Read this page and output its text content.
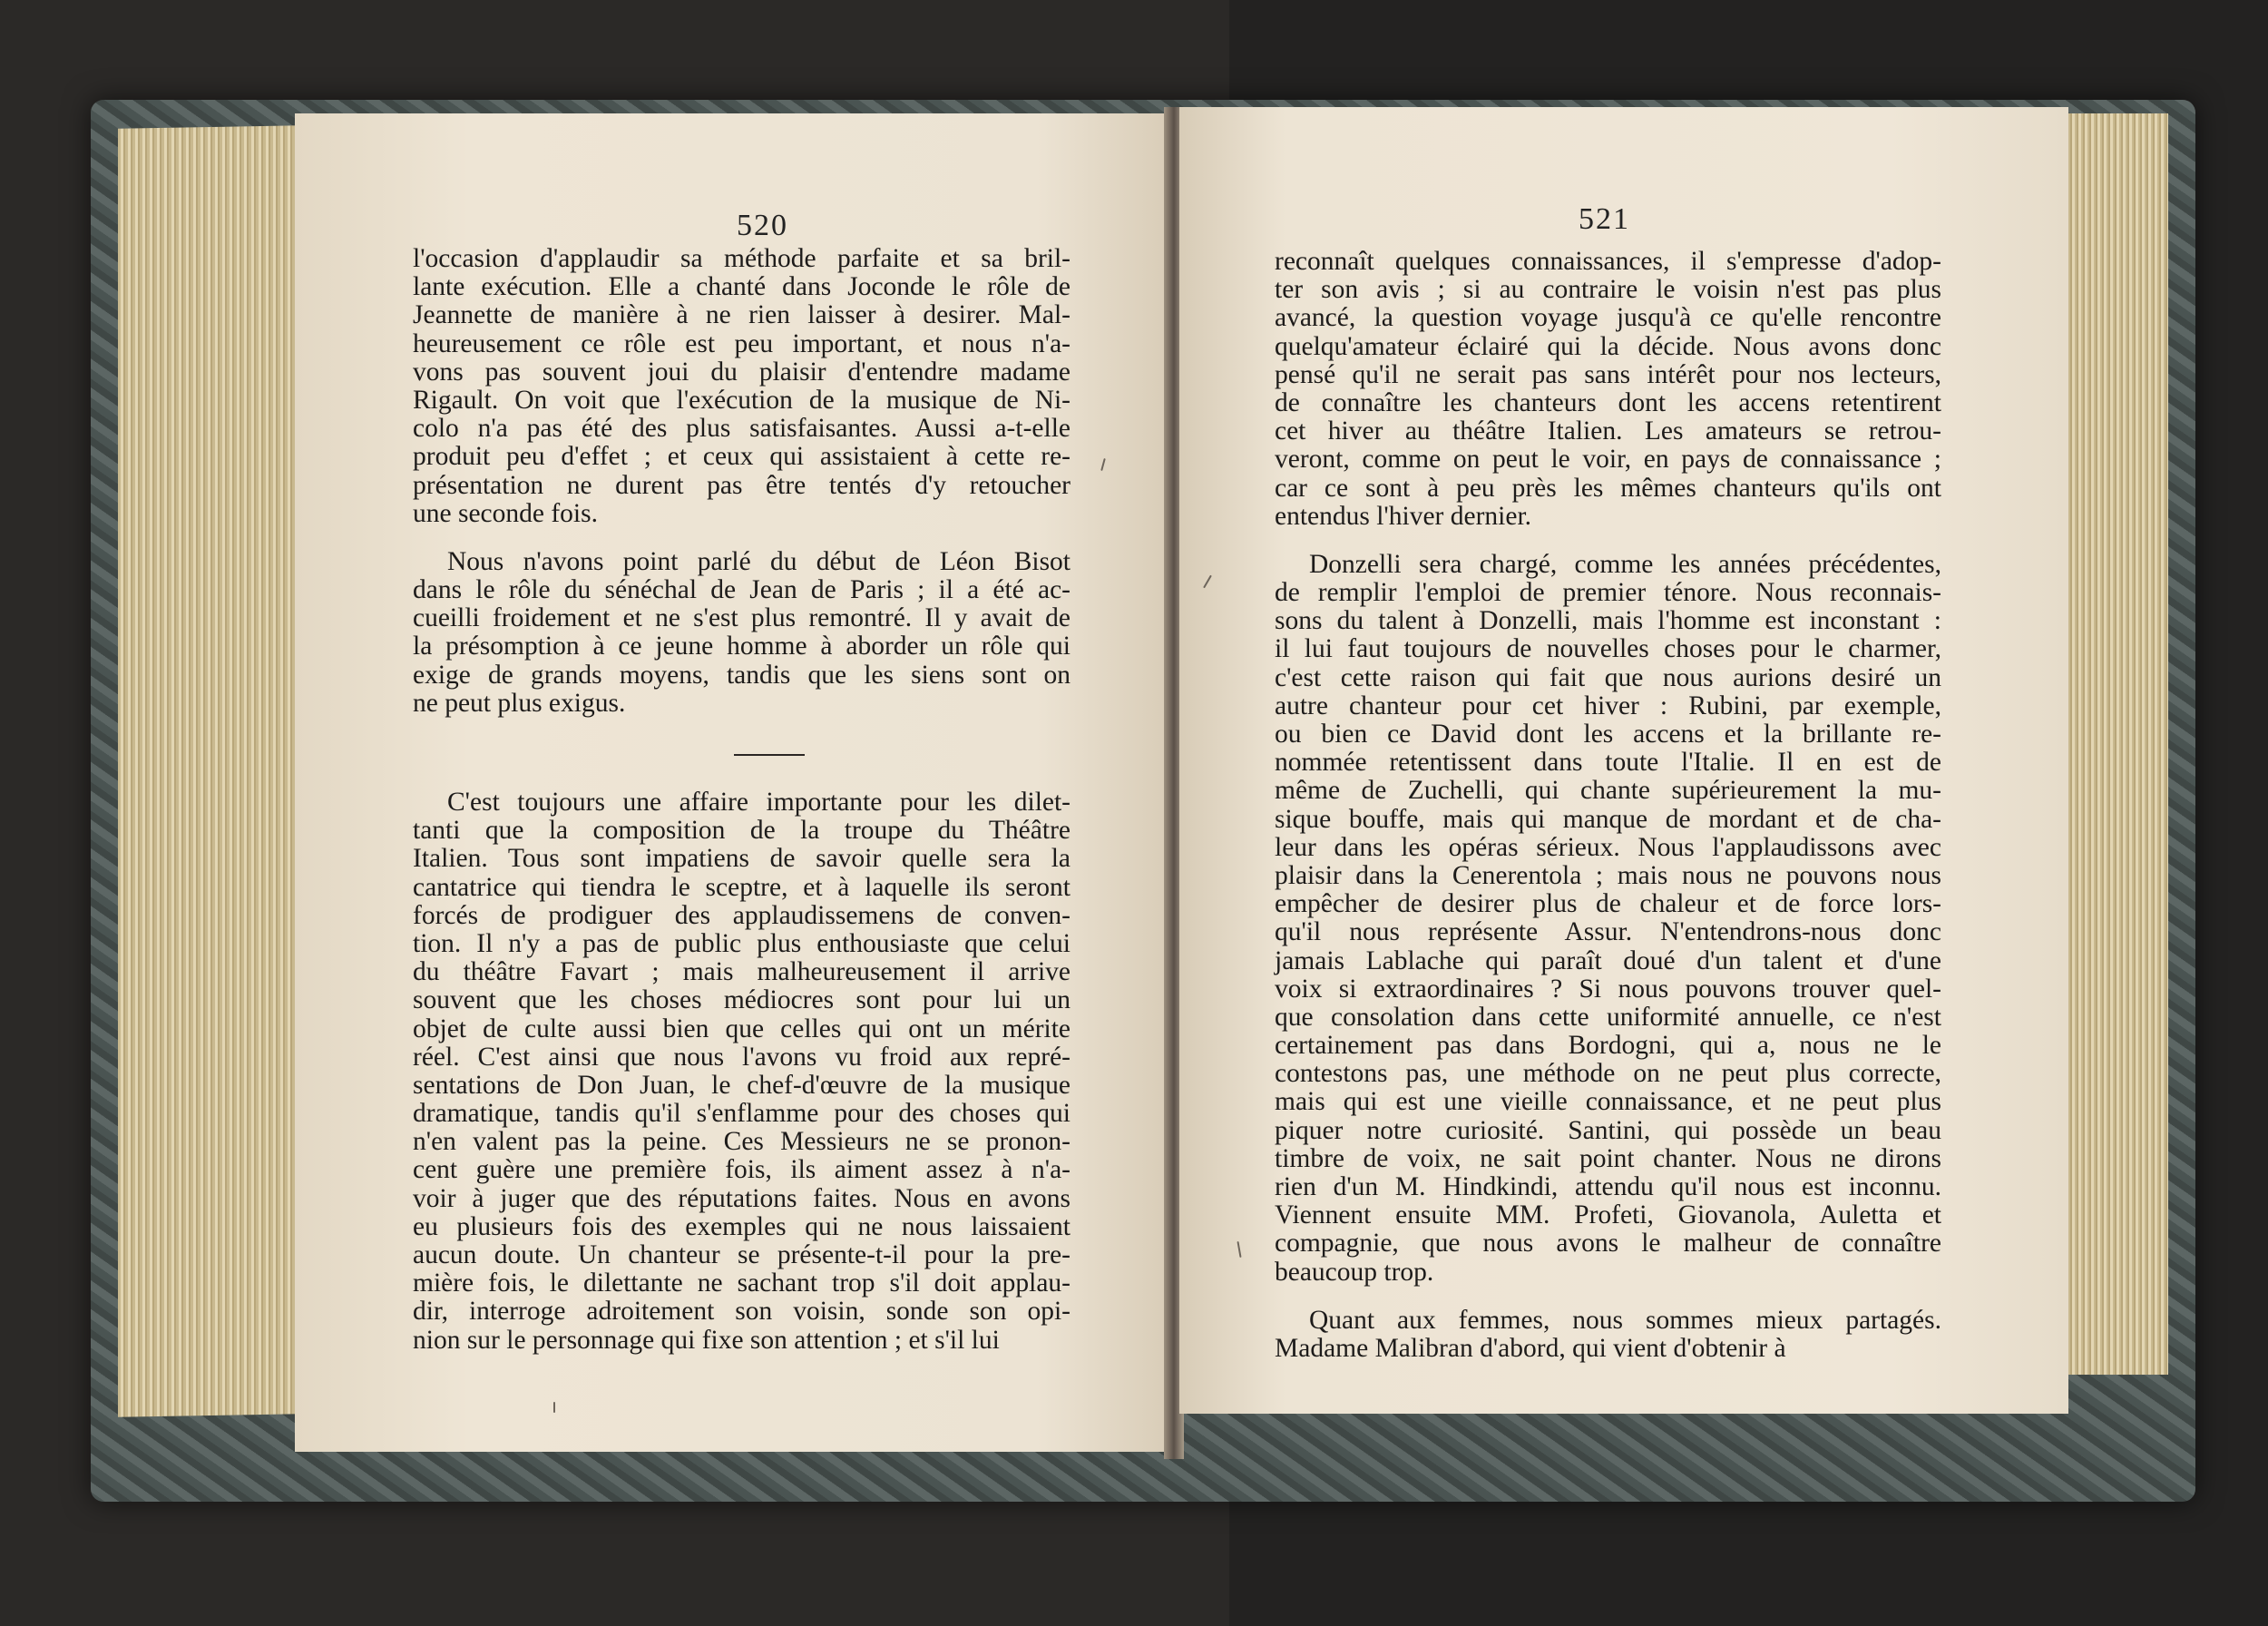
520
l'occasion d'applaudir sa méthode parfaite et sa bril-
lante exécution. Elle a chanté dans Joconde le rôle de
Jeannette de manière à ne rien laisser à desirer. Mal-
heureusement ce rôle est peu important, et nous n'a-
vons pas souvent joui du plaisir d'entendre madame
Rigault. On voit que l'exécution de la musique de Ni-
colo n'a pas été des plus satisfaisantes. Aussi a-t-elle
produit peu d'effet ; et ceux qui assistaient à cette re-
présentation ne durent pas être tentés d'y retoucher
une seconde fois.
Nous n'avons point parlé du début de Léon Bisot
dans le rôle du sénéchal de Jean de Paris ; il a été ac-
cueilli froidement et ne s'est plus remontré. Il y avait de
la présomption à ce jeune homme à aborder un rôle qui
exige de grands moyens, tandis que les siens sont on
ne peut plus exigus.
C'est toujours une affaire importante pour les dilet-
tanti que la composition de la troupe du Théâtre
Italien. Tous sont impatiens de savoir quelle sera la
cantatrice qui tiendra le sceptre, et à laquelle ils seront
forcés de prodiguer des applaudissemens de conven-
tion. Il n'y a pas de public plus enthousiaste que celui
du théâtre Favart ; mais malheureusement il arrive
souvent que les choses médiocres sont pour lui un
objet de culte aussi bien que celles qui ont un mérite
réel. C'est ainsi que nous l'avons vu froid aux repré-
sentations de Don Juan, le chef-d'œuvre de la musique
dramatique, tandis qu'il s'enflamme pour des choses qui
n'en valent pas la peine. Ces Messieurs ne se pronon-
cent guère une première fois, ils aiment assez à n'a-
voir à juger que des réputations faites. Nous en avons
eu plusieurs fois des exemples qui ne nous laissaient
aucun doute. Un chanteur se présente-t-il pour la pre-
mière fois, le dilettante ne sachant trop s'il doit applau-
dir, interroge adroitement son voisin, sonde son opi-
nion sur le personnage qui fixe son attention ; et s'il lui
521
reconnaît quelques connaissances, il s'empresse d'adop-
ter son avis ; si au contraire le voisin n'est pas plus
avancé, la question voyage jusqu'à ce qu'elle rencontre
quelqu'amateur éclairé qui la décide. Nous avons donc
pensé qu'il ne serait pas sans intérêt pour nos lecteurs,
de connaître les chanteurs dont les accens retentirent
cet hiver au théâtre Italien. Les amateurs se retrou-
veront, comme on peut le voir, en pays de connaissance ;
car ce sont à peu près les mêmes chanteurs qu'ils ont
entendus l'hiver dernier.
Donzelli sera chargé, comme les années précédentes,
de remplir l'emploi de premier ténore. Nous reconnais-
sons du talent à Donzelli, mais l'homme est inconstant :
il lui faut toujours de nouvelles choses pour le charmer,
c'est cette raison qui fait que nous aurions desiré un
autre chanteur pour cet hiver : Rubini, par exemple,
ou bien ce David dont les accens et la brillante re-
nommée retentissent dans toute l'Italie. Il en est de
même de Zuchelli, qui chante supérieurement la mu-
sique bouffe, mais qui manque de mordant et de cha-
leur dans les opéras sérieux. Nous l'applaudissons avec
plaisir dans la Cenerentola ; mais nous ne pouvons nous
empêcher de desirer plus de chaleur et de force lors-
qu'il nous représente Assur. N'entendrons-nous donc
jamais Lablache qui paraît doué d'un talent et d'une
voix si extraordinaires ? Si nous pouvons trouver quel-
que consolation dans cette uniformité annuelle, ce n'est
certainement pas dans Bordogni, qui a, nous ne le
contestons pas, une méthode on ne peut plus correcte,
mais qui est une vieille connaissance, et ne peut plus
piquer notre curiosité. Santini, qui possède un beau
timbre de voix, ne sait point chanter. Nous ne dirons
rien d'un M. Hindkindi, attendu qu'il nous est inconnu.
Viennent ensuite MM. Profeti, Giovanola, Auletta et
compagnie, que nous avons le malheur de connaître
beaucoup trop.
Quant aux femmes, nous sommes mieux partagés.
Madame Malibran d'abord, qui vient d'obtenir à
